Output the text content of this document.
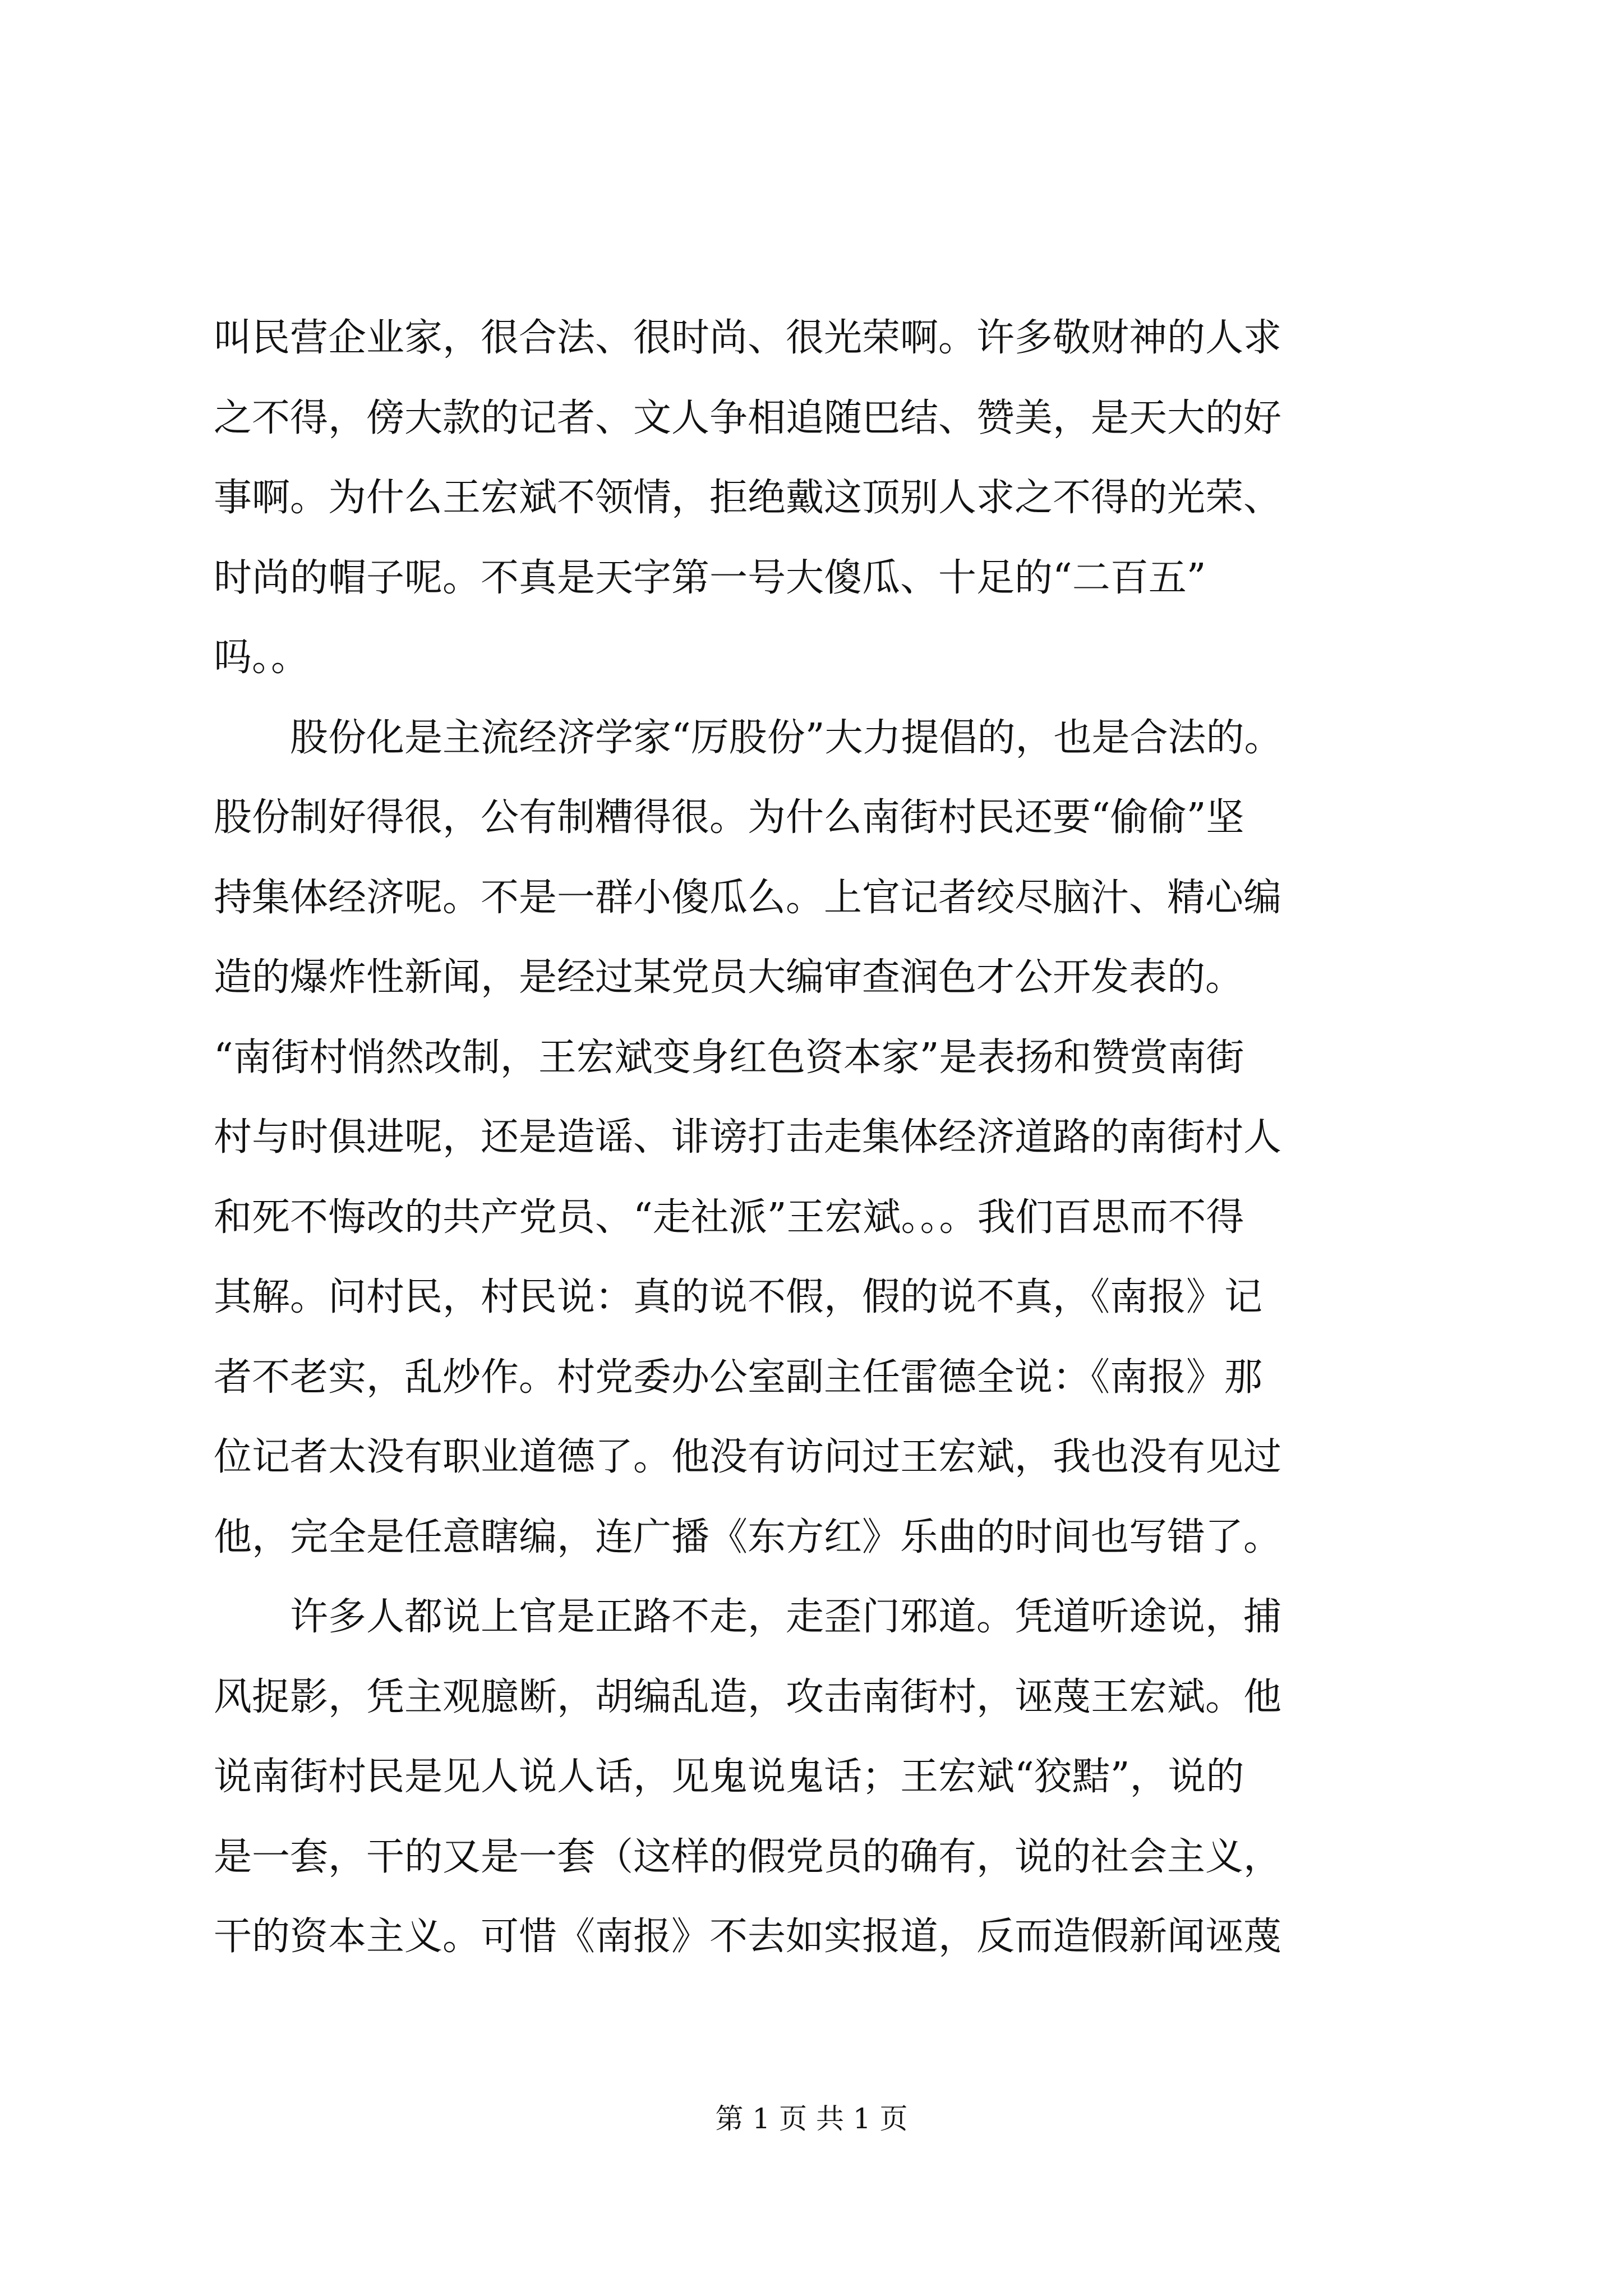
叫民营企业家，很合法、很时尚、很光荣啊。许多敬财神的人求
之不得，傍大款的记者、文人争相追随巴结、赞美，是天大的好
事啊。为什么王宏斌不领情，拒绝戴这顶别人求之不得的光荣、
时尚的帽子呢。不真是天字第一号大傻瓜、十足的“二百五”
吗。。
　　股份化是主流经济学家“厉股份”大力提倡的，也是合法的。
股份制好得很，公有制糟得很。为什么南街村民还要“偷偷”坚
持集体经济呢。不是一群小傻瓜么。上官记者绞尽脑汁、精心编
造的爆炸性新闻，是经过某党员大编审查润色才公开发表的。
“南街村悄然改制，王宏斌变身红色资本家”是表扬和赞赏南街
村与时俱进呢，还是造谣、诽谤打击走集体经济道路的南街村人
和死不悔改的共产党员、“走社派”王宏斌。。。我们百思而不得
其解。问村民，村民说：真的说不假，假的说不真，《南报》记
者不老实，乱炒作。村党委办公室副主任雷德全说：《南报》那
位记者太没有职业道德了。他没有访问过王宏斌，我也没有见过
他，完全是任意瞎编，连广播《东方红》乐曲的时间也写错了。
　　许多人都说上官是正路不走，走歪门邪道。凭道听途说，捕
风捉影，凭主观臆断，胡编乱造，攻击南街村，诬蔑王宏斌。他
说南街村民是见人说人话，见鬼说鬼话；王宏斌“狡黠”，说的
是一套，干的又是一套（这样的假党员的确有，说的社会主义，
干的资本主义。可惜《南报》不去如实报道，反而造假新闻诬蔑
第 1 页 共 1 页
